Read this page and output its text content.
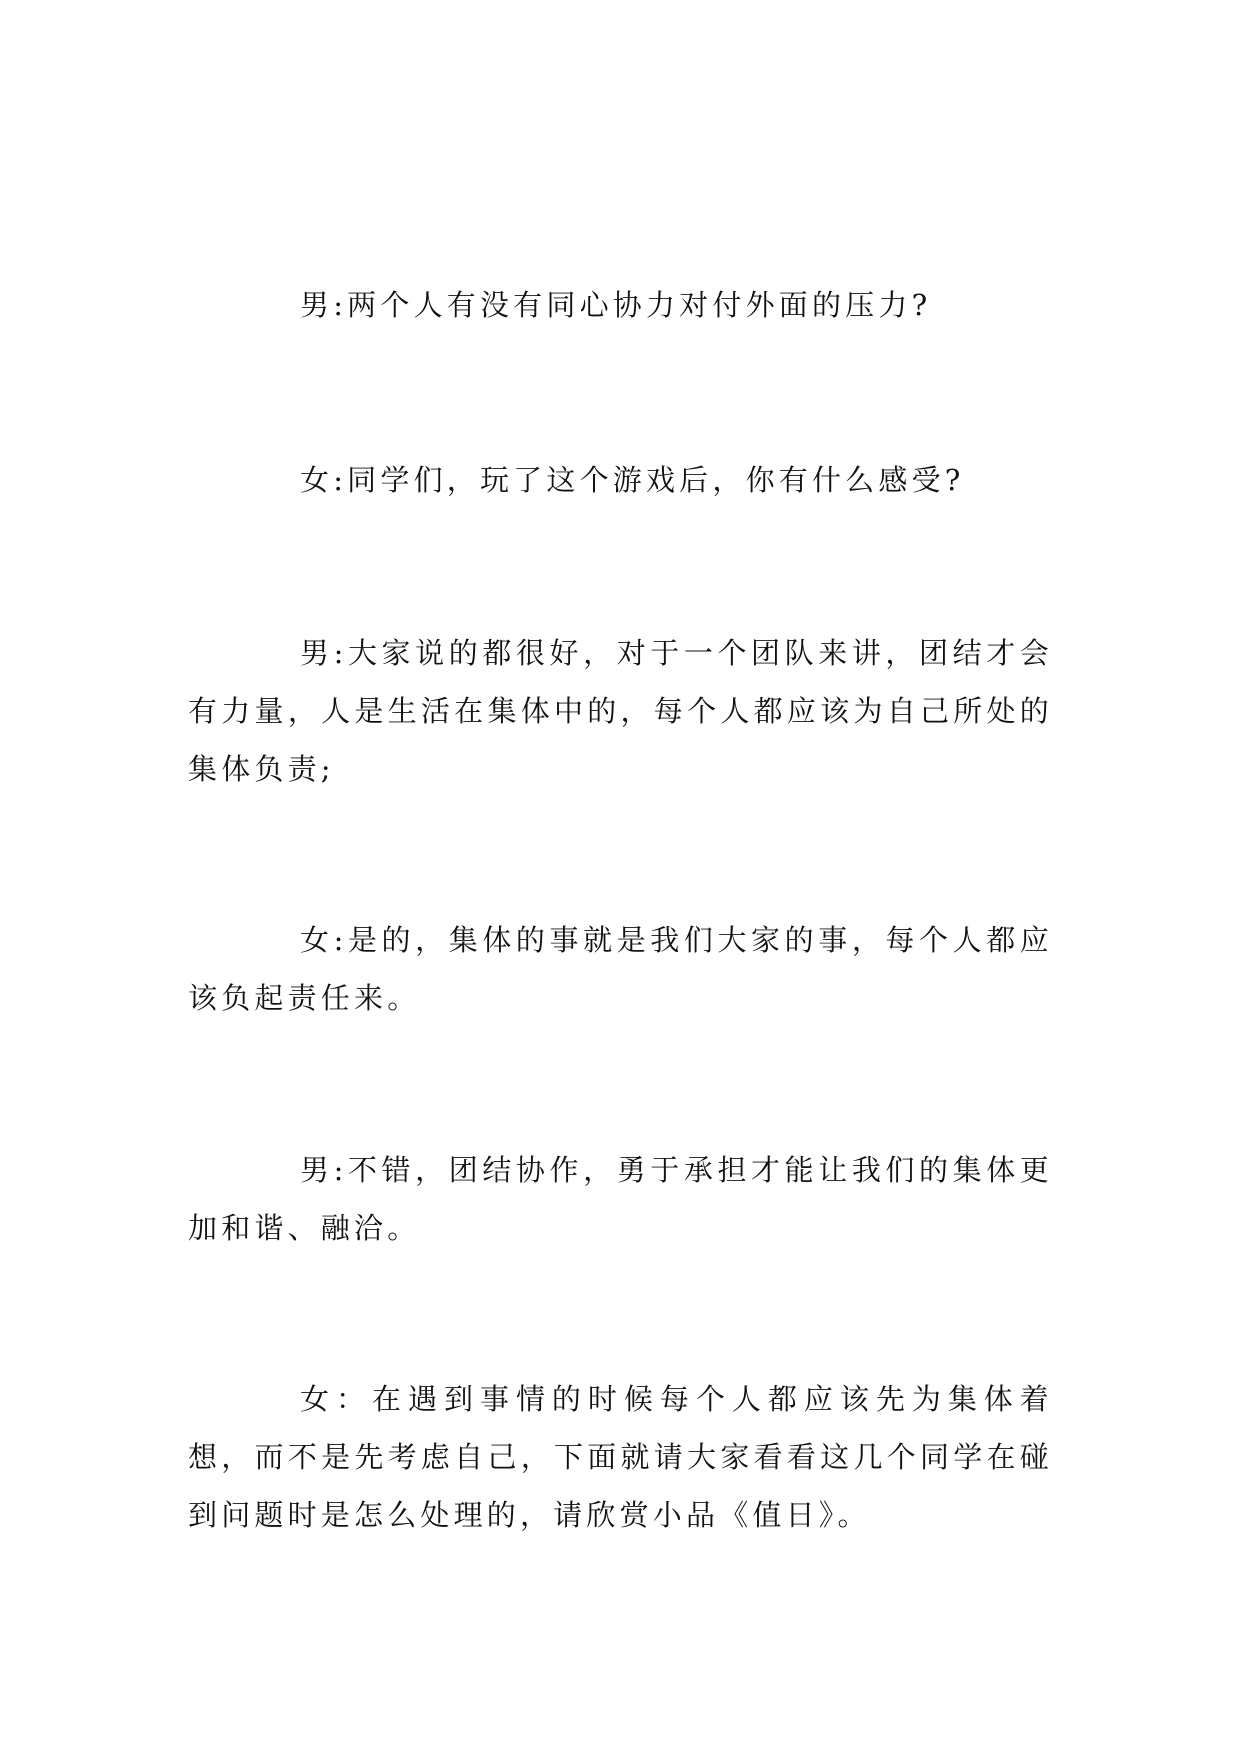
男:两个人有没有同心协力对付外面的压力?

女:同学们，玩了这个游戏后，你有什么感受?

男:大家说的都很好，对于一个团队来讲，团结才会有力量，人是生活在集体中的，每个人都应该为自己所处的集体负责;

女:是的，集体的事就是我们大家的事，每个人都应该负起责任来。

男:不错，团结协作，勇于承担才能让我们的集体更加和谐、融洽。

女：在遇到事情的时候每个人都应该先为集体着想，而不是先考虑自己，下面就请大家看看这几个同学在碰到问题时是怎么处理的，请欣赏小品《值日》。
